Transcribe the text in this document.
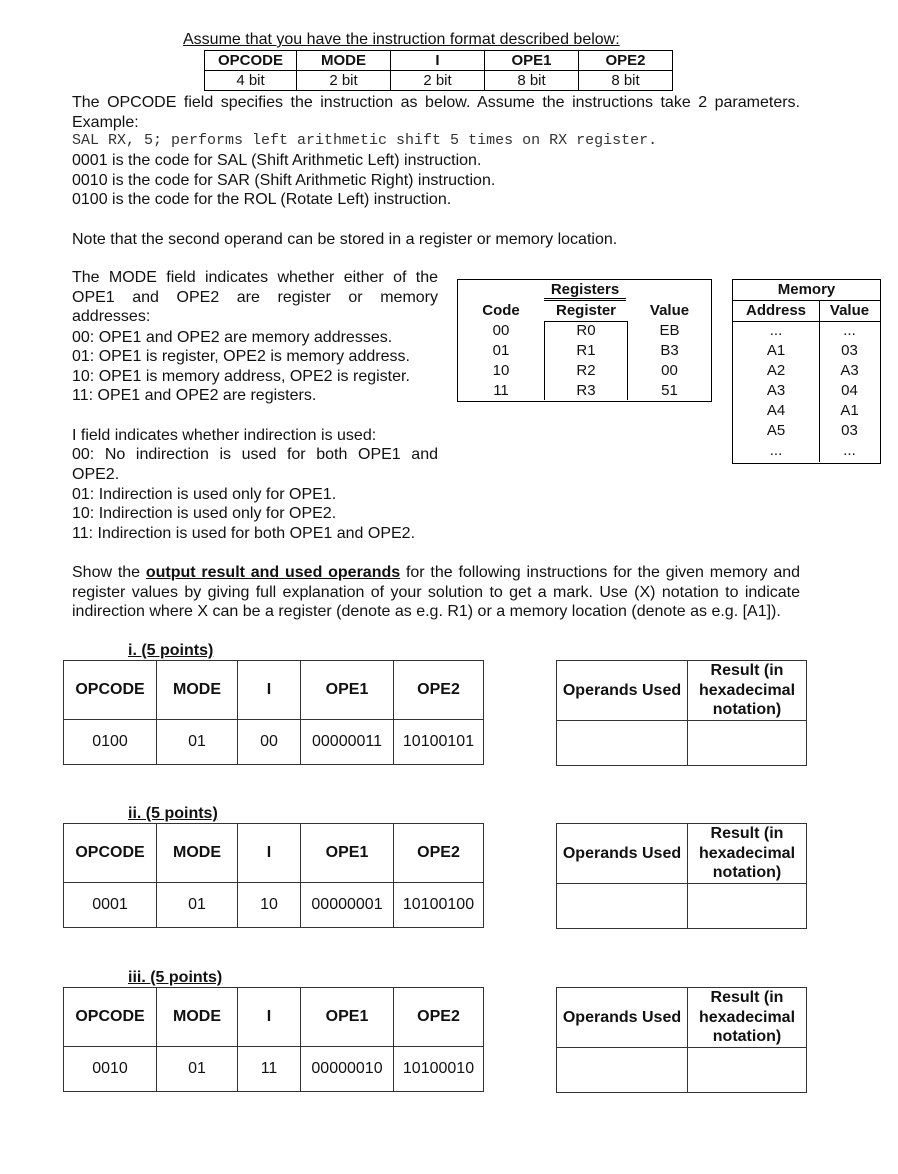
Assume that you have the instruction format described below:
OPCODE	MODE	I	OPE1	OPE2
4 bit	2 bit	2 bit	8 bit	8 bit
The OPCODE field specifies the instruction as below. Assume the instructions take 2 parameters. Example:
SAL RX, 5; performs left arithmetic shift 5 times on RX register.
0001 is the code for SAL (Shift Arithmetic Left) instruction.
0010 is the code for SAR (Shift Arithmetic Right) instruction.
0100 is the code for the ROL (Rotate Left) instruction.
Note that the second operand can be stored in a register or memory location.
The MODE field indicates whether either of the OPE1 and OPE2 are register or memory addresses:
00: OPE1 and OPE2 are memory addresses.
01: OPE1 is register, OPE2 is memory address.
10: OPE1 is memory address, OPE2 is register.
11: OPE1 and OPE2 are registers.
I field indicates whether indirection is used:
00: No indirection is used for both OPE1 and OPE2.
01: Indirection is used only for OPE1.
10: Indirection is used only for OPE2.
11: Indirection is used for both OPE1 and OPE2.
Registers
Code	Register	Value
00	R0	EB
01	R1	B3
10	R2	00
11	R3	51
Memory
Address	Value
...	...
A1	03
A2	A3
A3	04
A4	A1
A5	03
...	...
Show the output result and used operands for the following instructions for the given memory and register values by giving full explanation of your solution to get a mark. Use (X) notation to indicate indirection where X can be a register (denote as e.g. R1) or a memory location (denote as e.g. [A1]).
i. (5 points)
OPCODE	MODE	I	OPE1	OPE2
0100	01	00	00000011	10100101
Operands Used	Result (in hexadecimal notation)

ii. (5 points)
OPCODE	MODE	I	OPE1	OPE2
0001	01	10	00000001	10100100
Operands Used	Result (in hexadecimal notation)

iii. (5 points)
OPCODE	MODE	I	OPE1	OPE2
0010	01	11	00000010	10100010
Operands Used	Result (in hexadecimal notation)
